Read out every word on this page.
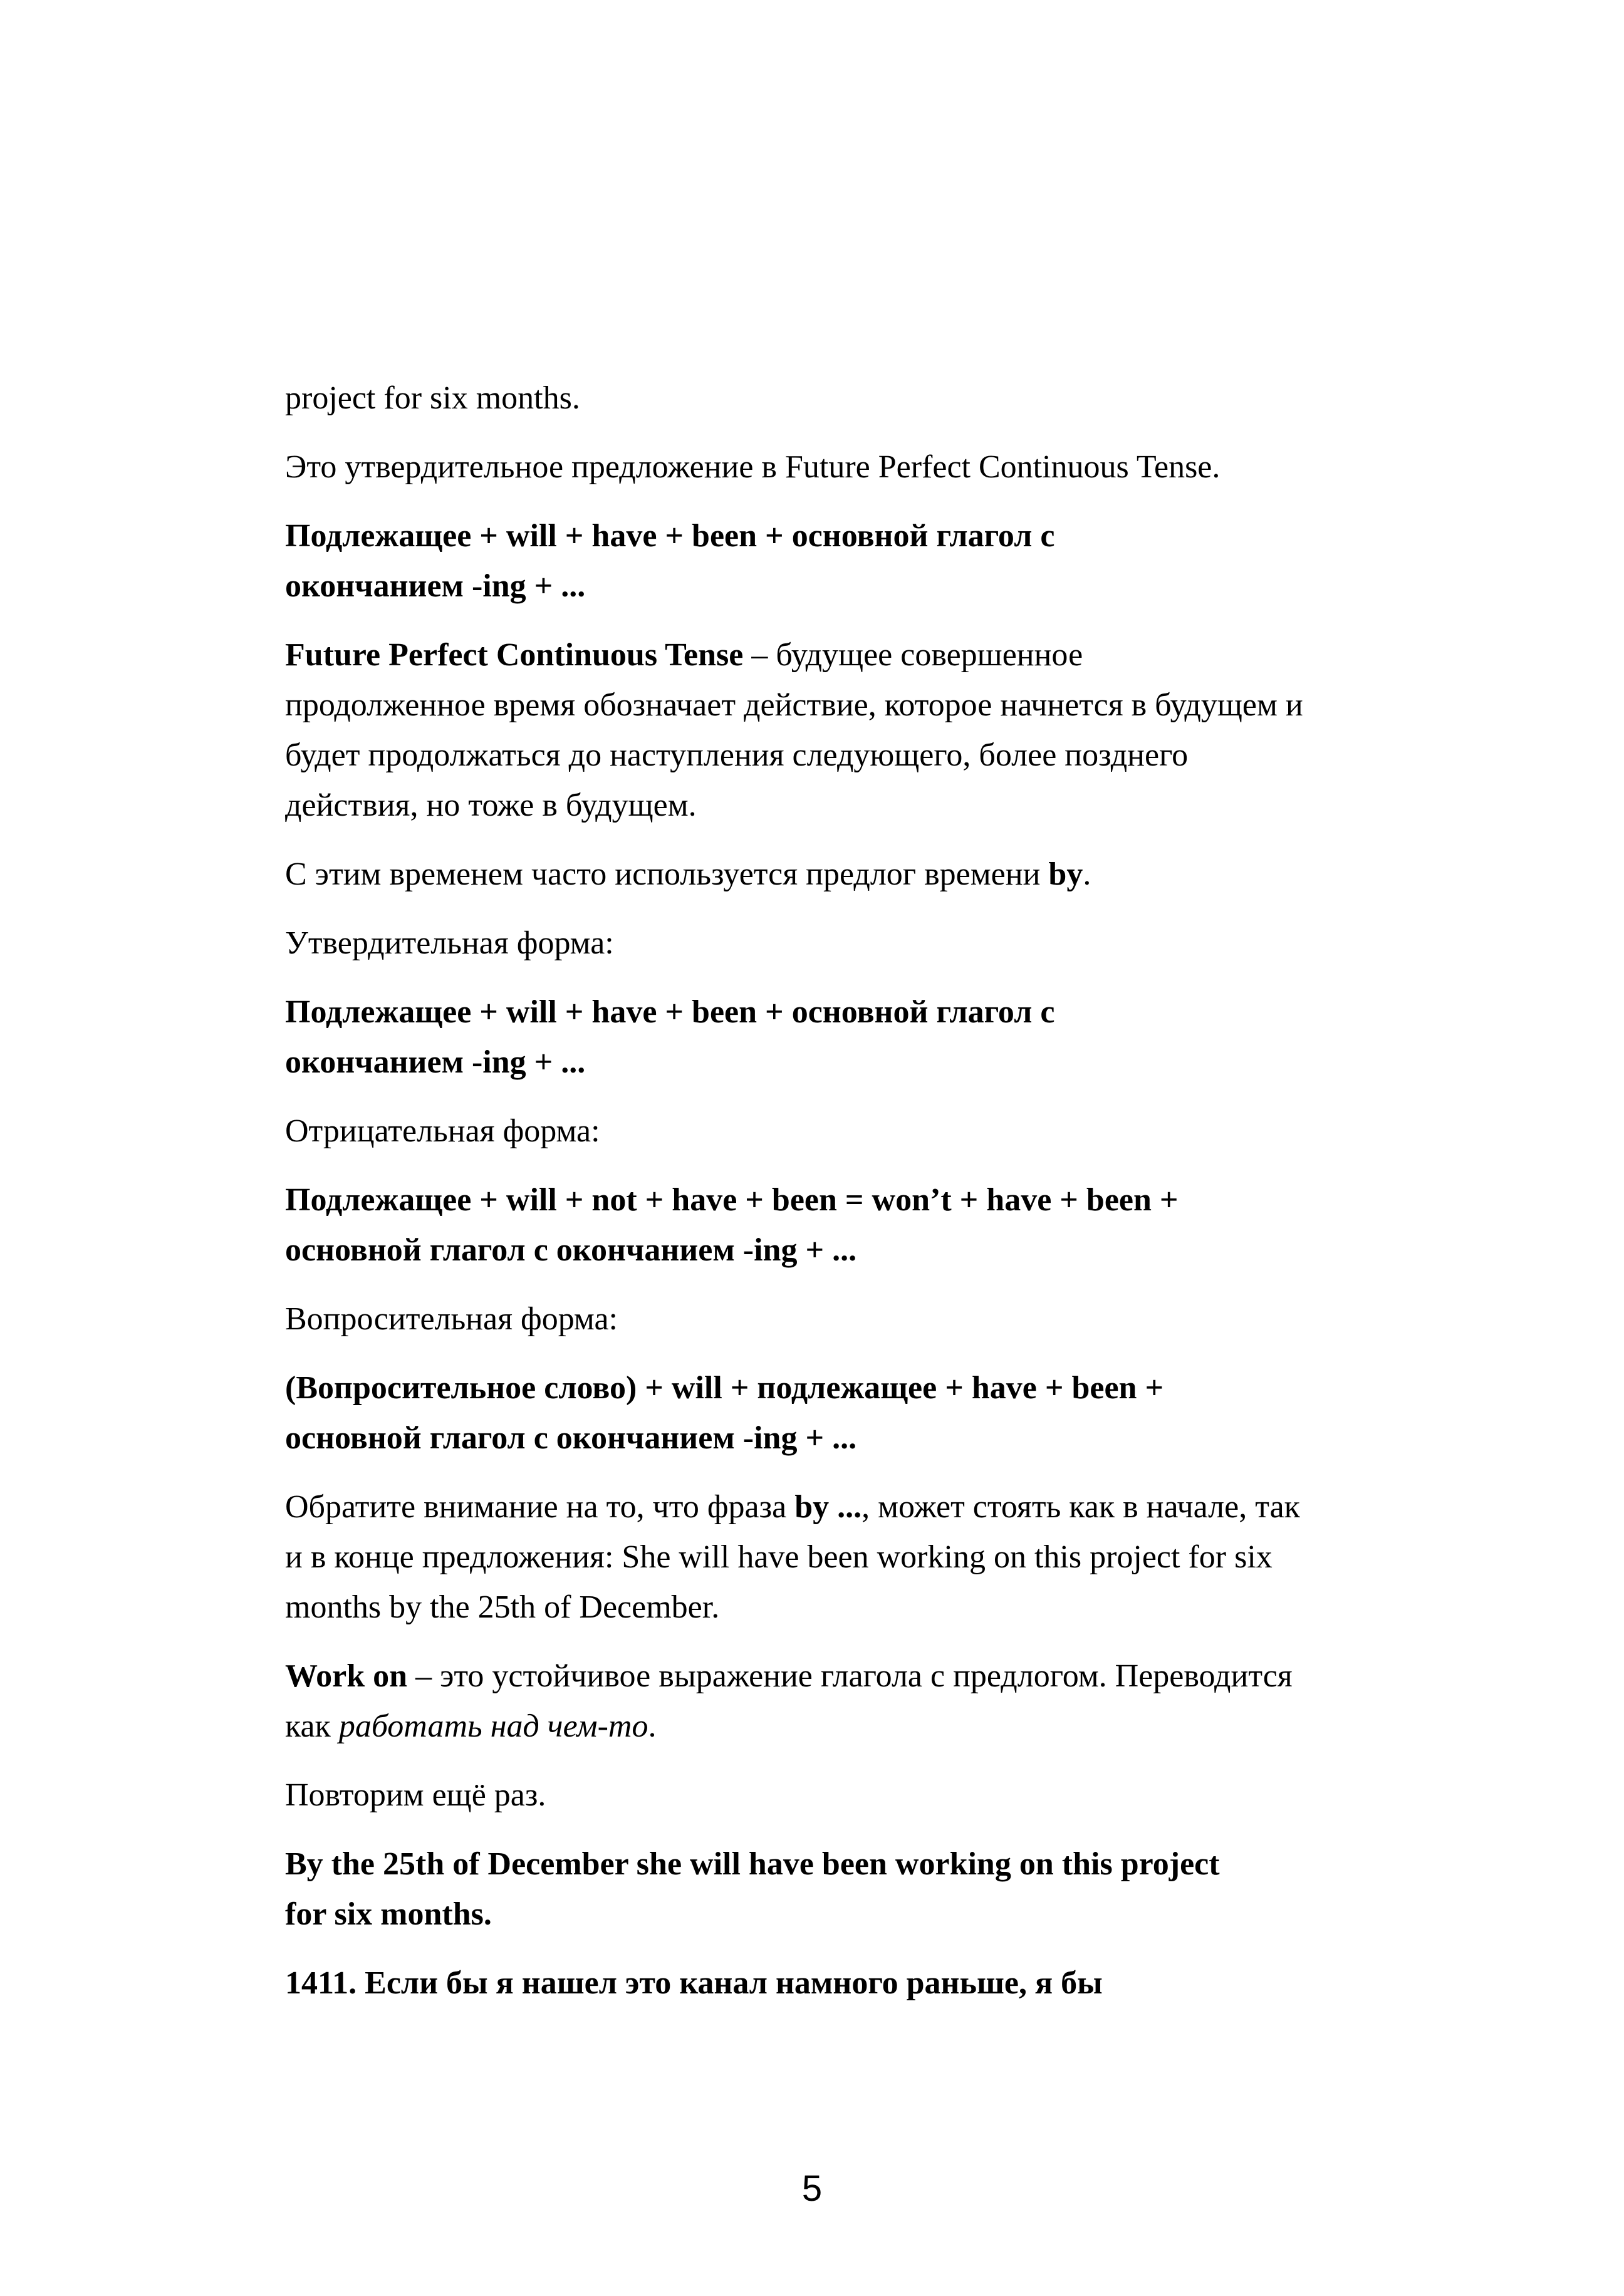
project for six months.

Это утвердительное предложение в Future Perfect Continuous Tense.

Подлежащее + will + have + been + основной глагол с
окончанием -ing + ...

Future Perfect Continuous Tense – будущее совершенное
продолженное время обозначает действие, которое начнется в будущем и
будет продолжаться до наступления следующего, более позднего
действия, но тоже в будущем.

С этим временем часто используется предлог времени by.

Утвердительная форма:

Подлежащее + will + have + been + основной глагол с
окончанием -ing + ...

Отрицательная форма:

Подлежащее + will + not + have + been = won’t + have + been +
основной глагол с окончанием -ing + ...

Вопросительная форма:

(Вопросительное слово) + will + подлежащее + have + been +
основной глагол с окончанием -ing + ...

Обратите внимание на то, что фраза by ..., может стоять как в начале, так
и в конце предложения: She will have been working on this project for six
months by the 25th of December.

Work on – это устойчивое выражение глагола с предлогом. Переводится
как работать над чем-то.

Повторим ещё раз.

By the 25th of December she will have been working on this project
for six months.

1411. Если бы я нашел это канал намного раньше, я бы

5
